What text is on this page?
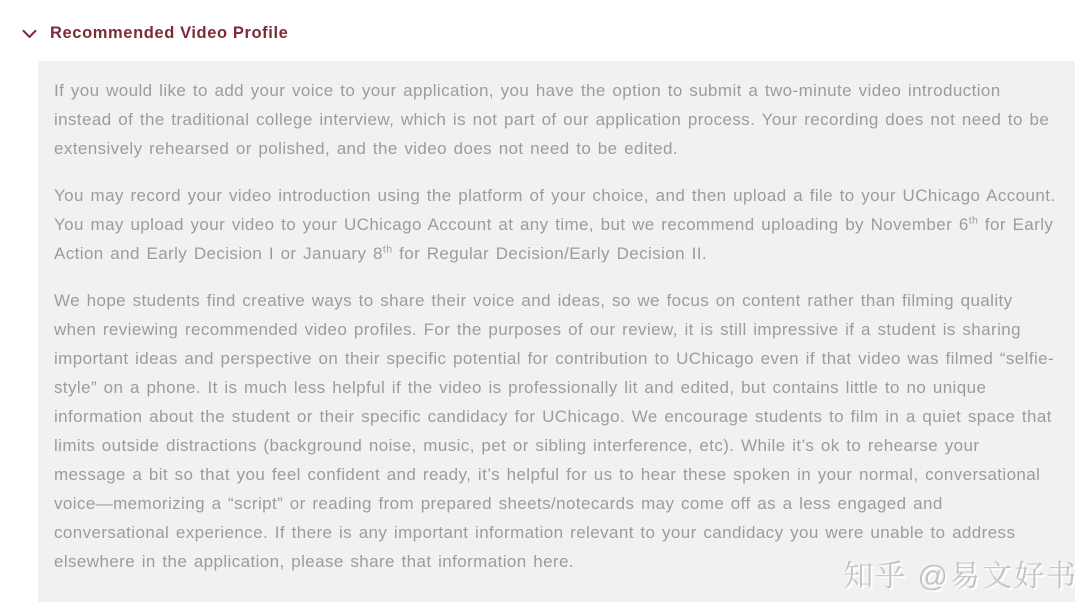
Recommended Video Profile

If you would like to add your voice to your application, you have the option to submit a two-minute video introduction instead of the traditional college interview, which is not part of our application process. Your recording does not need to be extensively rehearsed or polished, and the video does not need to be edited.

You may record your video introduction using the platform of your choice, and then upload a file to your UChicago Account. You may upload your video to your UChicago Account at any time, but we recommend uploading by November 6th for Early Action and Early Decision I or January 8th for Regular Decision/Early Decision II.

We hope students find creative ways to share their voice and ideas, so we focus on content rather than filming quality when reviewing recommended video profiles. For the purposes of our review, it is still impressive if a student is sharing important ideas and perspective on their specific potential for contribution to UChicago even if that video was filmed “selfie-style” on a phone. It is much less helpful if the video is professionally lit and edited, but contains little to no unique information about the student or their specific candidacy for UChicago. We encourage students to film in a quiet space that limits outside distractions (background noise, music, pet or sibling interference, etc). While it’s ok to rehearse your message a bit so that you feel confident and ready, it’s helpful for us to hear these spoken in your normal, conversational voice—memorizing a “script” or reading from prepared sheets/notecards may come off as a less engaged and conversational experience. If there is any important information relevant to your candidacy you were unable to address elsewhere in the application, please share that information here.	知乎 @易文好书
